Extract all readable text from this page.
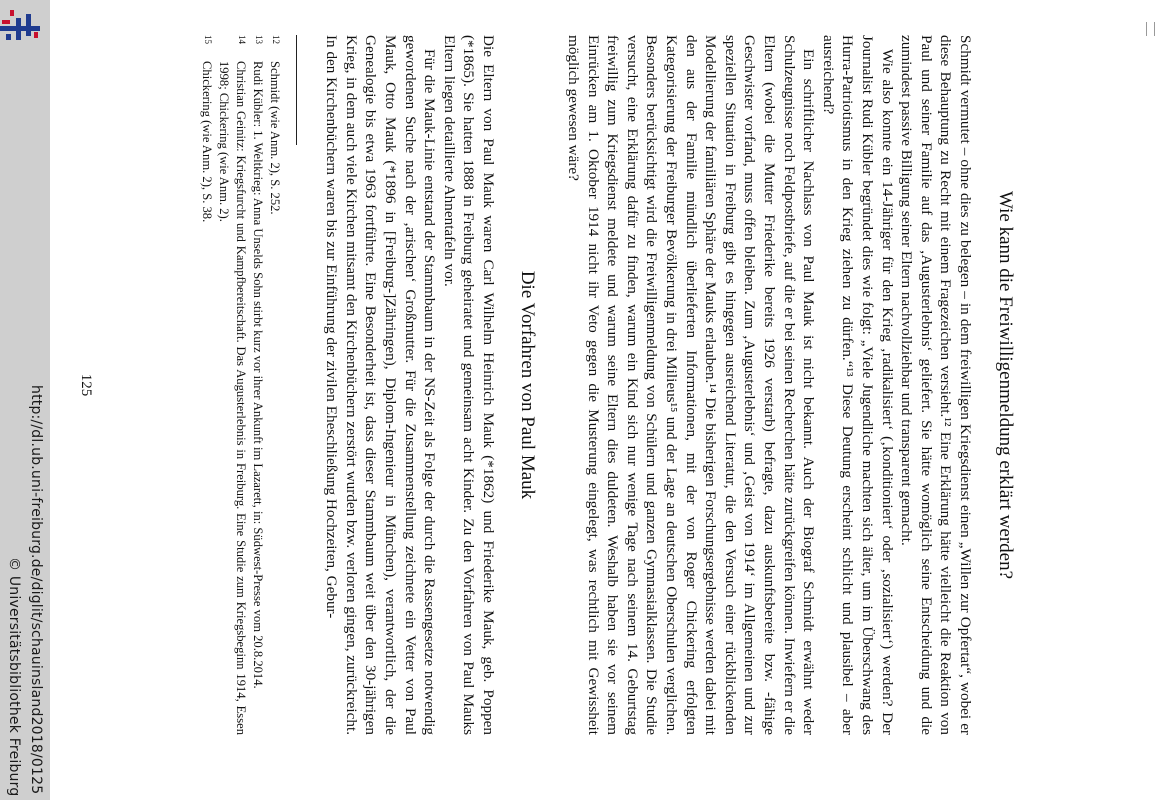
http://dl.ub.uni-freiburg.de/diglit/schauinsland2018/0125
© Universitätsbibliothek Freiburg
Wie kann die Freiwilligenmeldung erklärt werden?

Schmidt vermutet – ohne dies zu belegen – in dem freiwilligen Kriegsdienst einen „Willen zur Opfertat“, wobei er diese Behauptung zu Recht mit einem Fragezeichen versieht.¹² Eine Erklärung hätte vielleicht die Reaktion von Paul und seiner Familie auf das ‚Augusterlebnis‘ geliefert. Sie hätte womöglich seine Entscheidung und die zumindest passive Billigung seiner Eltern nachvollziehbar und transparent gemacht.

Wie also konnte ein 14-Jähriger für den Krieg ‚radikalisiert‘ (‚konditioniert‘ oder ‚sozialisiert‘) werden? Der Journalist Rudi Kübler begründet dies wie folgt: „Viele Jugendliche machten sich älter, um im Überschwang des Hurra-Patriotismus in den Krieg ziehen zu dürfen.“¹³ Diese Deutung erscheint schlicht und plausibel – aber ausreichend?

Ein schriftlicher Nachlass von Paul Mauk ist nicht bekannt. Auch der Biograf Schmidt erwähnt weder Schulzeugnisse noch Feldpostbriefe, auf die er bei seinen Recherchen hätte zurückgreifen können. Inwiefern er die Eltern (wobei die Mutter Friederike bereits 1926 verstarb) befragte, dazu auskunftsbereite bzw. -fähige Geschwister vorfand, muss offen bleiben. Zum ‚Augusterlebnis‘ und ‚Geist von 1914‘ im Allgemeinen und zur speziellen Situation in Freiburg gibt es hingegen ausreichend Literatur, die den Versuch einer rückblickenden Modellierung der familiären Sphäre der Mauks erlauben.¹⁴ Die bisherigen Forschungsergebnisse werden dabei mit den aus der Familie mündlich überlieferten Informationen, mit der von Roger Chickering erfolgten Kategorisierung der Freiburger Bevölkerung in drei Milieus¹⁵ und der Lage an deutschen Oberschulen verglichen. Besonders berücksichtigt wird die Freiwilligenmeldung von Schülern und ganzen Gymnasialklassen. Die Studie versucht, eine Erklärung dafür zu finden, warum ein Kind sich nur wenige Tage nach seinem 14. Geburtstag freiwillig zum Kriegsdienst meldete und warum seine Eltern dies duldeten. Weshalb haben sie vor seinem Einrücken am 1. Oktober 1914 nicht ihr Veto gegen die Musterung eingelegt, was rechtlich mit Gewissheit möglich gewesen wäre?

Die Vorfahren von Paul Mauk

Die Eltern von Paul Mauk waren Carl Wilhelm Heinrich Mauk (*1862) und Friederike Mauk, geb. Poppen (*1865). Sie hatten 1888 in Freiburg geheiratet und gemeinsam acht Kinder. Zu den Vorfahren von Paul Mauks Eltern liegen detaillierte Ahnentafeln vor.

Für die Mauk-Linie entstand der Stammbaum in der NS-Zeit als Folge der durch die Rassengesetze notwendig gewordenen Suche nach der ‚arischen‘ Großmutter. Für die Zusammenstellung zeichnete ein Vetter von Paul Mauk, Otto Mauk (*1896 in [Freiburg-]Zähringen), Diplom-Ingenieur in München), verantwortlich, der die Genealogie bis etwa 1963 fortführte. Eine Besonderheit ist, dass dieser Stammbaum weit über den 30-jährigen Krieg, in dem auch viele Kirchen mitsamt den Kirchenbüchern zerstört wurden bzw. verloren gingen, zurückreicht. In den Kirchenbüchern waren bis zur Einführung der zivilen Eheschließung Hochzeiten, Gebur-

12
Schmidt (wie Anm. 2), S. 252.
13
Rudi Kübler: 1. Weltkrieg: Anna Unselds Sohn stirbt kurz vor ihrer Ankunft im Lazarett, in: Südwest-Presse vom 20.8.2014.
14
Christian Geinitz: Kriegsfurcht und Kampfbereitschaft. Das Augusterlebnis in Freiburg. Eine Studie zum Kriegsbeginn 1914, Essen 1998; Chickering (wie Anm. 2).
15
Chickering (wie Anm. 2), S. 38.
125
